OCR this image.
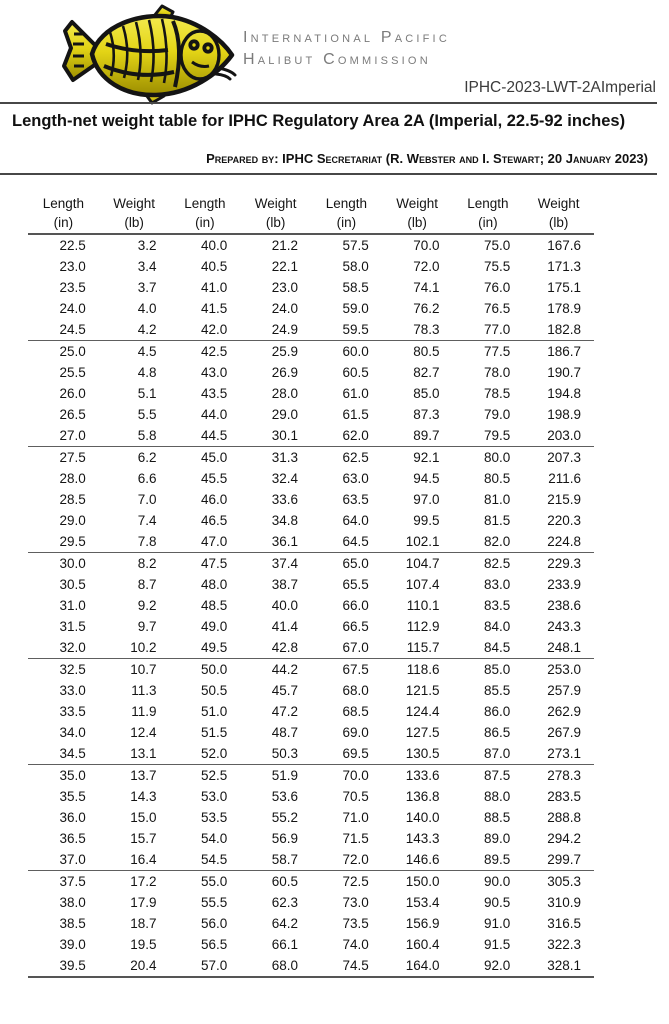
International Pacific
Halibut Commission
IPHC-2023-LWT-2AImperial
Length-net weight table for IPHC Regulatory Area 2A (Imperial, 22.5-92 inches)
Prepared by: IPHC Secretariat (R. Webster and I. Stewart; 20 January 2023)
Length
(in)

Weight
(lb)

Length
(in)

Weight
(lb)

Length
(in)

Weight
(lb)

Length
(in)

Weight
(lb)

22.5	3.2	40.0	21.2	57.5	70.0	75.0	167.6
23.0	3.4	40.5	22.1	58.0	72.0	75.5	171.3
23.5	3.7	41.0	23.0	58.5	74.1	76.0	175.1
24.0	4.0	41.5	24.0	59.0	76.2	76.5	178.9
24.5	4.2	42.0	24.9	59.5	78.3	77.0	182.8
25.0	4.5	42.5	25.9	60.0	80.5	77.5	186.7
25.5	4.8	43.0	26.9	60.5	82.7	78.0	190.7
26.0	5.1	43.5	28.0	61.0	85.0	78.5	194.8
26.5	5.5	44.0	29.0	61.5	87.3	79.0	198.9
27.0	5.8	44.5	30.1	62.0	89.7	79.5	203.0
27.5	6.2	45.0	31.3	62.5	92.1	80.0	207.3
28.0	6.6	45.5	32.4	63.0	94.5	80.5	211.6
28.5	7.0	46.0	33.6	63.5	97.0	81.0	215.9
29.0	7.4	46.5	34.8	64.0	99.5	81.5	220.3
29.5	7.8	47.0	36.1	64.5	102.1	82.0	224.8
30.0	8.2	47.5	37.4	65.0	104.7	82.5	229.3
30.5	8.7	48.0	38.7	65.5	107.4	83.0	233.9
31.0	9.2	48.5	40.0	66.0	110.1	83.5	238.6
31.5	9.7	49.0	41.4	66.5	112.9	84.0	243.3
32.0	10.2	49.5	42.8	67.0	115.7	84.5	248.1
32.5	10.7	50.0	44.2	67.5	118.6	85.0	253.0
33.0	11.3	50.5	45.7	68.0	121.5	85.5	257.9
33.5	11.9	51.0	47.2	68.5	124.4	86.0	262.9
34.0	12.4	51.5	48.7	69.0	127.5	86.5	267.9
34.5	13.1	52.0	50.3	69.5	130.5	87.0	273.1
35.0	13.7	52.5	51.9	70.0	133.6	87.5	278.3
35.5	14.3	53.0	53.6	70.5	136.8	88.0	283.5
36.0	15.0	53.5	55.2	71.0	140.0	88.5	288.8
36.5	15.7	54.0	56.9	71.5	143.3	89.0	294.2
37.0	16.4	54.5	58.7	72.0	146.6	89.5	299.7
37.5	17.2	55.0	60.5	72.5	150.0	90.0	305.3
38.0	17.9	55.5	62.3	73.0	153.4	90.5	310.9
38.5	18.7	56.0	64.2	73.5	156.9	91.0	316.5
39.0	19.5	56.5	66.1	74.0	160.4	91.5	322.3
39.5	20.4	57.0	68.0	74.5	164.0	92.0	328.1
